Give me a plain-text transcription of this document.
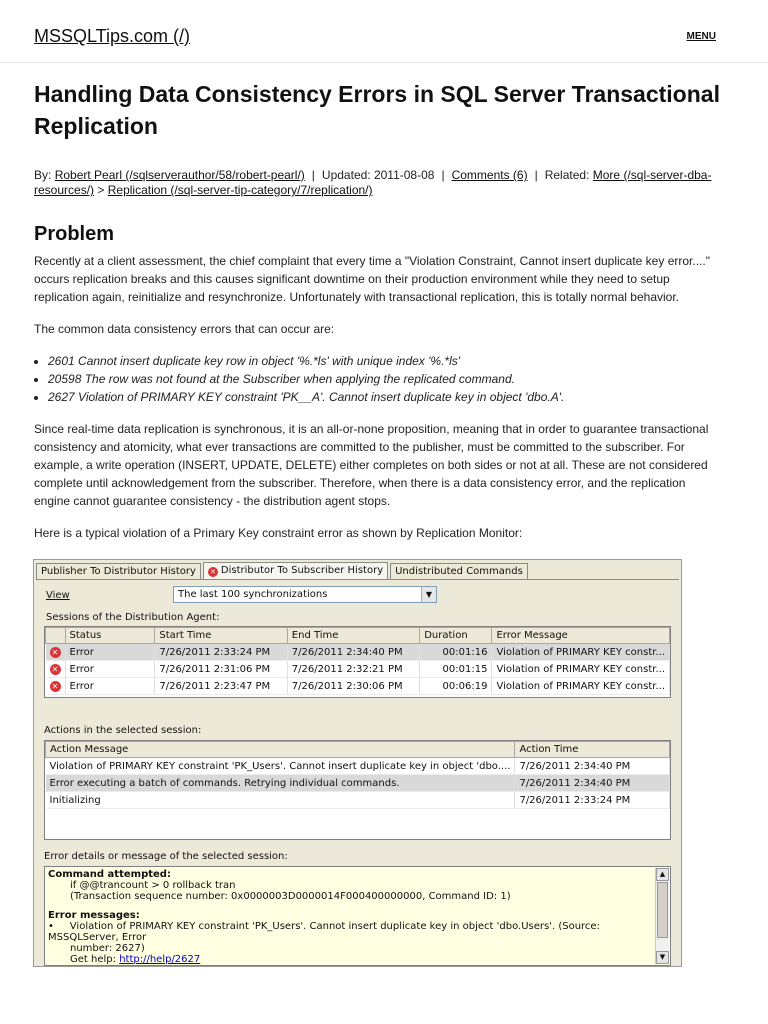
MSSQLTips.com (/)	MENU
Handling Data Consistency Errors in SQL Server Transactional Replication
By: Robert Pearl (/sqlserverauthor/58/robert-pearl/) | Updated: 2011-08-08 | Comments (6) | Related: More (/sql-server-dba-resources/) > Replication (/sql-server-tip-category/7/replication/)
Problem

Recently at a client assessment, the chief complaint that every time a "Violation Constraint, Cannot insert duplicate key error...." occurs replication breaks and this causes significant downtime on their production environment while they need to setup replication again, reinitialize and resynchronize. Unfortunately with transactional replication, this is totally normal behavior.

The common data consistency errors that can occur are:

• 2601 Cannot insert duplicate key row in object '%.*ls' with unique index '%.*ls'
• 20598 The row was not found at the Subscriber when applying the replicated command.
• 2627 Violation of PRIMARY KEY constraint 'PK__A'. Cannot insert duplicate key in object 'dbo.A'.

Since real-time data replication is synchronous, it is an all-or-none proposition, meaning that in order to guarantee transactional consistency and atomicity, what ever transactions are committed to the publisher, must be committed to the subscriber. For example, a write operation (INSERT, UPDATE, DELETE) either completes on both sides or not at all. These are not considered complete until acknowledgement from the subscriber. Therefore, when there is a data consistency error, and the replication engine cannot guarantee consistency - the distribution agent stops.

Here is a typical violation of a Primary Key constraint error as shown by Replication Monitor:

Publisher To Distributor History	✕ Distributor To Subscriber History	Undistributed Commands
View	The last 100 synchronizations	▼
Sessions of the Distribution Agent:
	Status	Start Time	End Time	Duration	Error Message
✕	Error	7/26/2011 2:33:24 PM	7/26/2011 2:34:40 PM	00:01:16	Violation of PRIMARY KEY constr...
✕	Error	7/26/2011 2:31:06 PM	7/26/2011 2:32:21 PM	00:01:15	Violation of PRIMARY KEY constr...
✕	Error	7/26/2011 2:23:47 PM	7/26/2011 2:30:06 PM	00:06:19	Violation of PRIMARY KEY constr...
Actions in the selected session:
Action Message	Action Time
Violation of PRIMARY KEY constraint 'PK_Users'. Cannot insert duplicate key in object 'dbo....	7/26/2011 2:34:40 PM
Error executing a batch of commands. Retrying individual commands.	7/26/2011 2:34:40 PM
Initializing	7/26/2011 2:33:24 PM
Error details or message of the selected session:
Command attempted:
if @@trancount > 0 rollback tran
(Transaction sequence number: 0x0000003D0000014F000400000000, Command ID: 1)
Error messages:
•     Violation of PRIMARY KEY constraint 'PK_Users'. Cannot insert duplicate key in object 'dbo.Users'. (Source: MSSQLServer, Error
number: 2627)
Get help: http://help/2627
▲
▼
